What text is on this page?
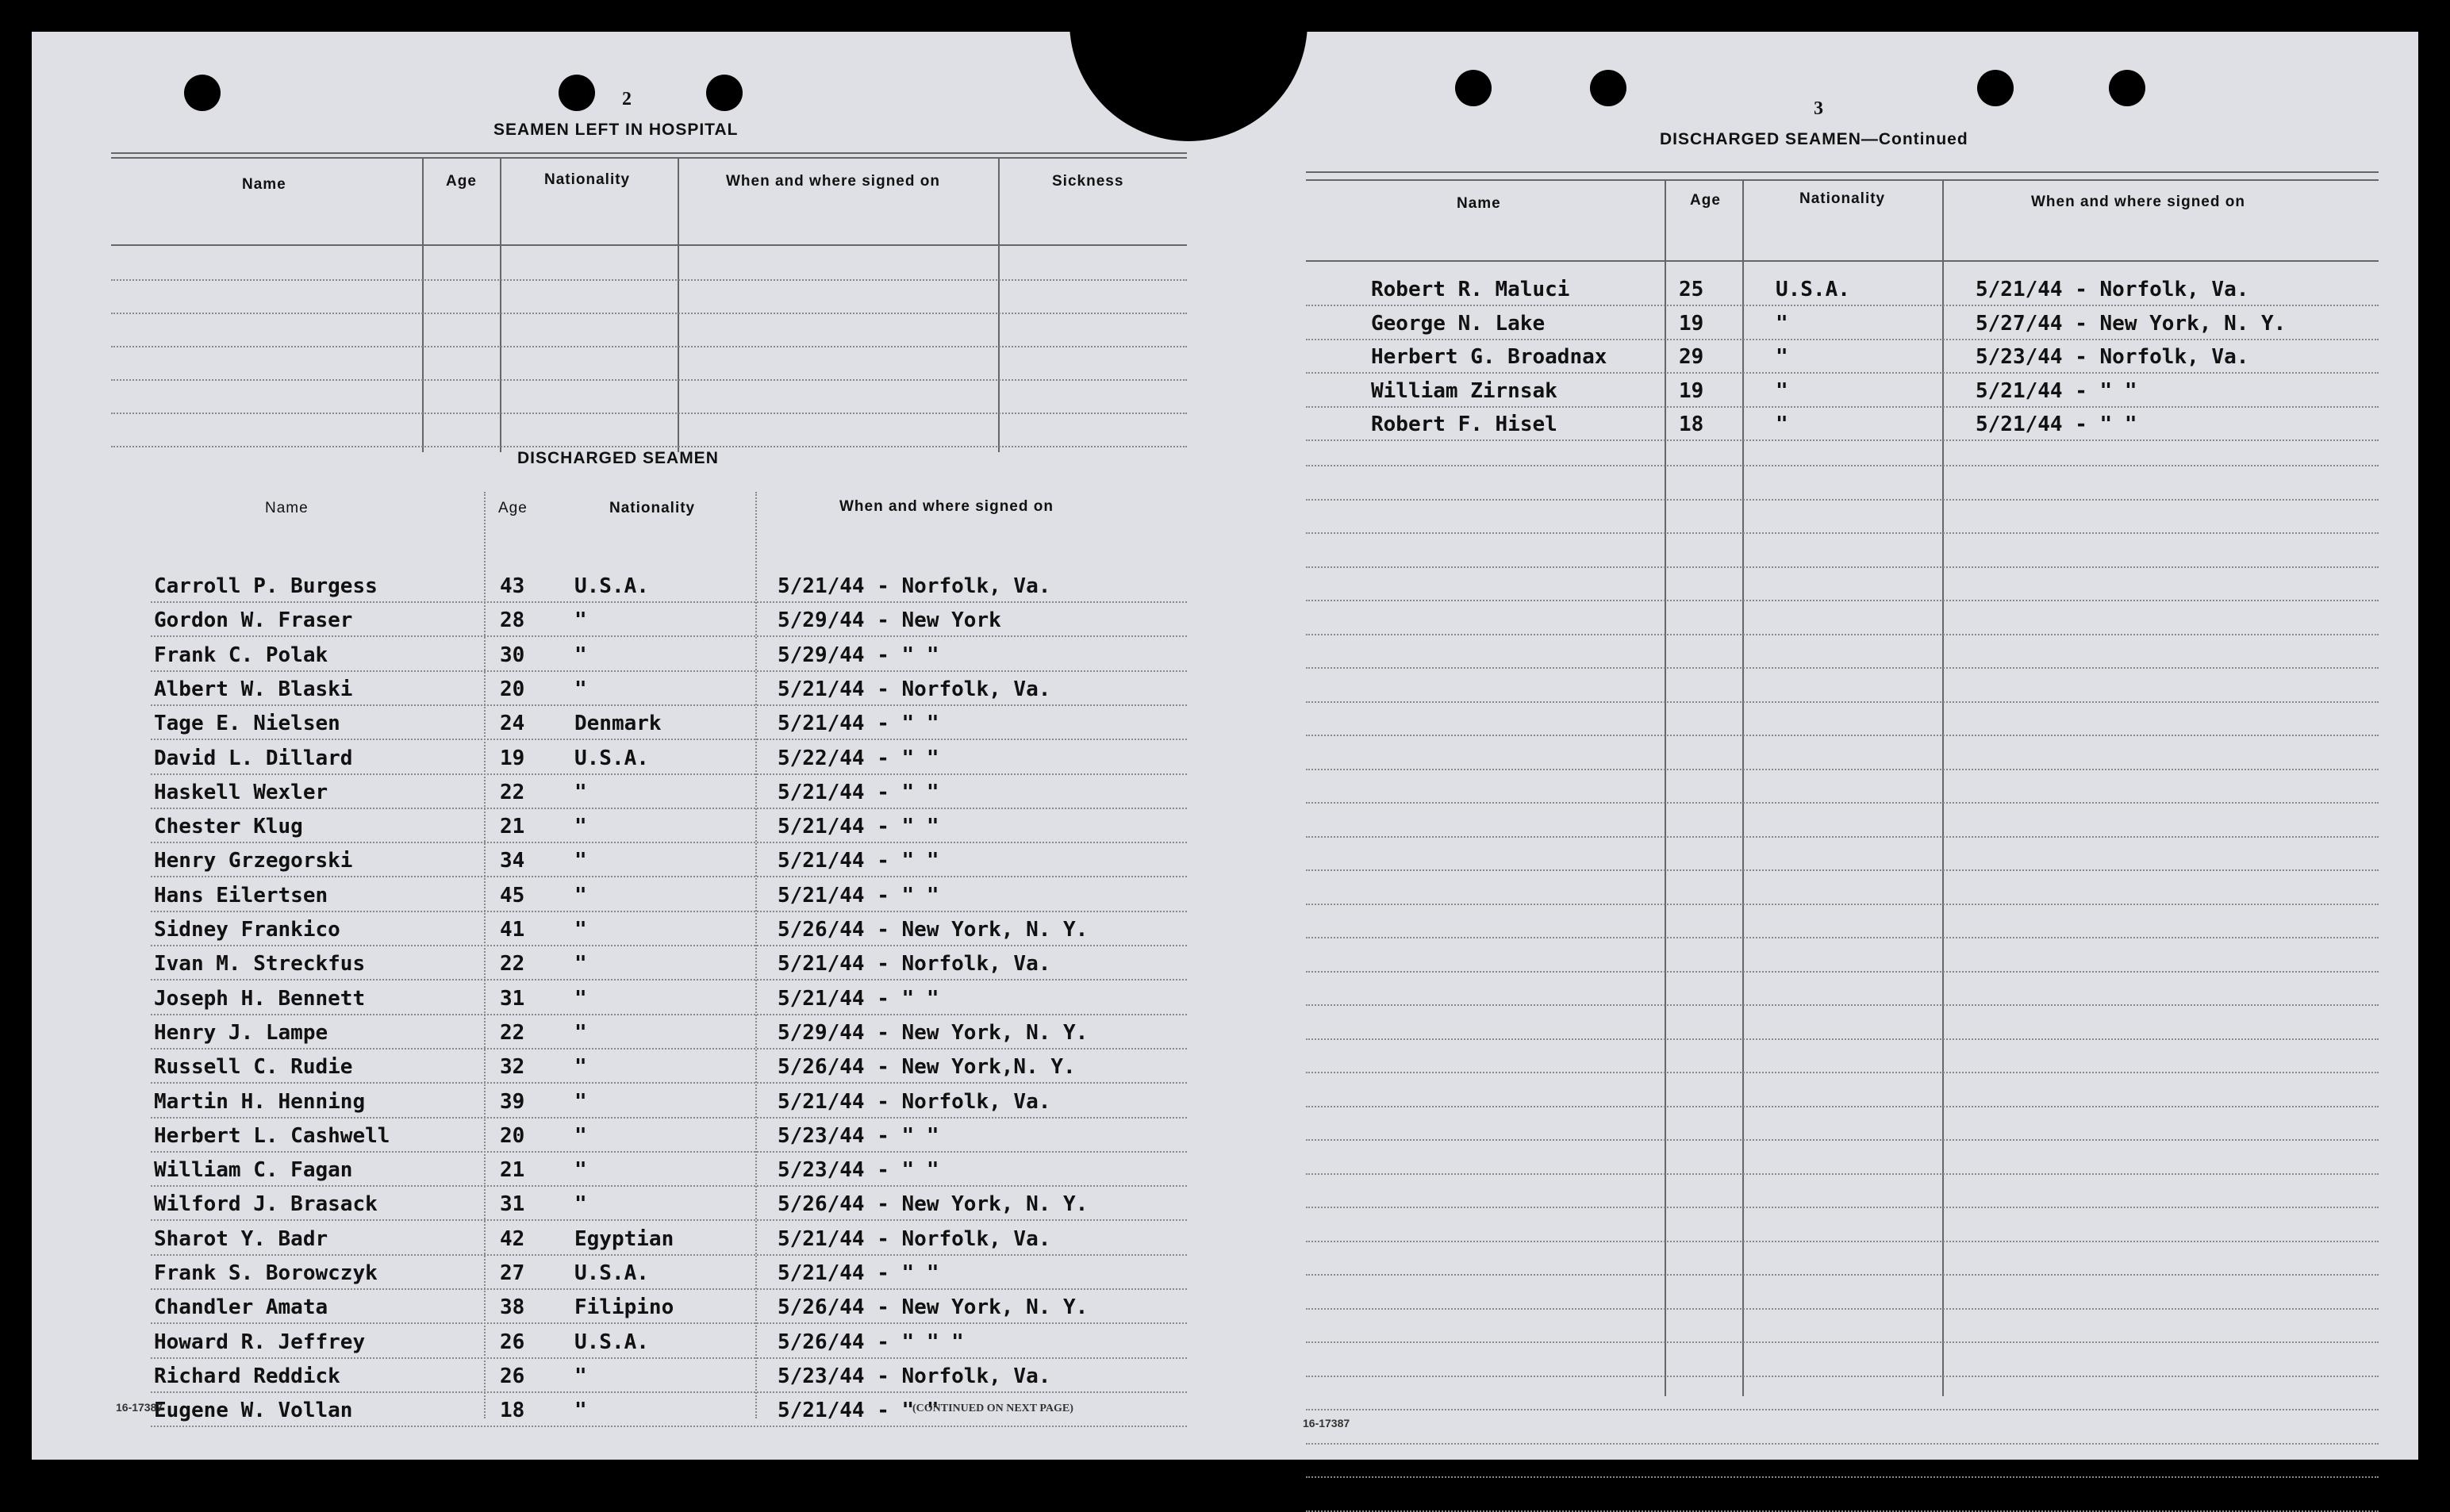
2
SEAMEN LEFT IN HOSPITAL
Name	Age	Nationality	When and where signed on	Sickness
DISCHARGED SEAMEN
Name	Age	Nationality	When and where signed on
Carroll P. Burgess	43 U.S.A.	5/21/44 - Norfolk, Va.
Gordon W. Fraser	28 "	5/29/44 - New York
Frank C. Polak	30 "	5/29/44 - " "
Albert W. Blaski	20 "	5/21/44 - Norfolk, Va.
Tage E. Nielsen	24 Denmark	5/21/44 - " "
David L. Dillard	19 U.S.A.	5/22/44 - " "
Haskell Wexler	22 "	5/21/44 - " "
Chester Klug	21 "	5/21/44 - " "
Henry Grzegorski	34 "	5/21/44 - " "
Hans Eilertsen	45 "	5/21/44 - " "
Sidney Frankico	41 "	5/26/44 - New York, N. Y.
Ivan M. Streckfus	22 "	5/21/44 - Norfolk, Va.
Joseph H. Bennett	31 "	5/21/44 - " "
Henry J. Lampe	22 "	5/29/44 - New York, N. Y.
Russell C. Rudie	32 "	5/26/44 - New York,N. Y.
Martin H. Henning	39 "	5/21/44 - Norfolk, Va.
Herbert L. Cashwell	20 "	5/23/44 - " "
William C. Fagan	21 "	5/23/44 - " "
Wilford J. Brasack	31 "	5/26/44 - New York, N. Y.
Sharot Y. Badr	42 Egyptian	5/21/44 - Norfolk, Va.
Frank S. Borowczyk	27 U.S.A.	5/21/44 - " "
Chandler Amata	38 Filipino	5/26/44 - New York, N. Y.
Howard R. Jeffrey	26 U.S.A.	5/26/44 - " " "
Richard Reddick	26 "	5/23/44 - Norfolk, Va.
Eugene W. Vollan	18 "	5/21/44 - " "
16-17387	(CONTINUED ON NEXT PAGE)
3
DISCHARGED SEAMEN—Continued
Name	Age	Nationality	When and where signed on
Robert R. Maluci	25	U.S.A.	5/21/44 - Norfolk, Va.
George N. Lake	19	"	5/27/44 - New York, N. Y.
Herbert G. Broadnax	29	"	5/23/44 - Norfolk, Va.
William Zirnsak	19	"	5/21/44 - " "
Robert F. Hisel	18	"	5/21/44 - " "
16-17387
